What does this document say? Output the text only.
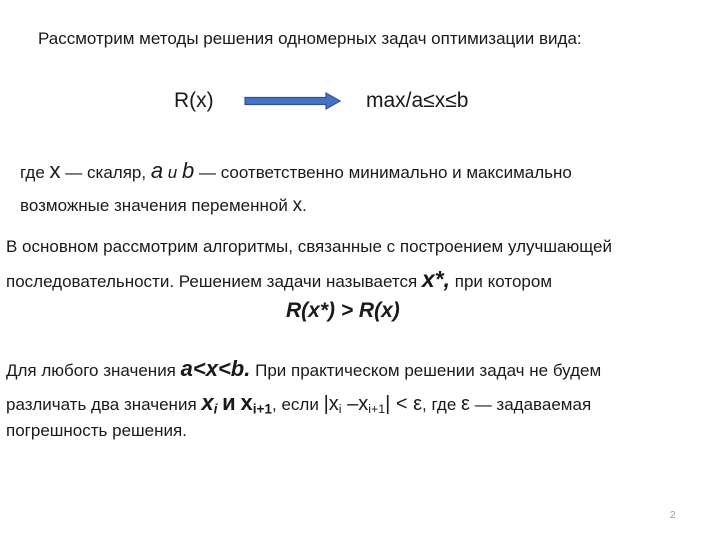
Рассмотрим методы решения одномерных задач оптимизации вида:
R(x)	max/a≤x≤b
где x — скаляр, a и b — соответственно минимально и максимально
возможные значения переменной x.
В основном рассмотрим алгоритмы, связанные с построением улучшающей
последовательности. Решением задачи называется x*, при котором
R(x*) > R(x)
Для любого значения a<x<b. При практическом решении задач не будем
различать два значения $x_i$ и $x_{i+1}$, если $|x_i$ $-x_{i+1}| < \varepsilon$, где ε — задаваемая
погрешность решения.
2
